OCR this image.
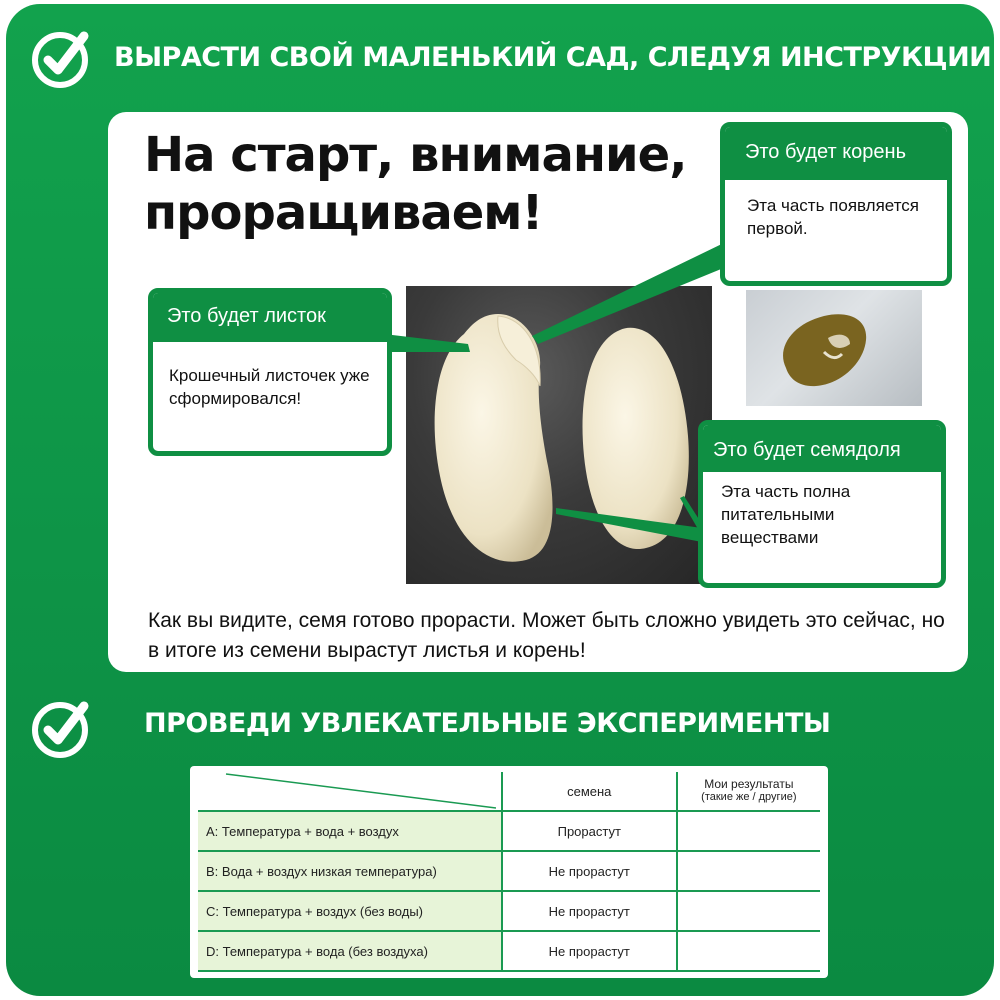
ВЫРАСТИ СВОЙ МАЛЕНЬКИЙ САД, СЛЕДУЯ ИНСТРУКЦИИ
На старт, внимание,
проращиваем!
Это будет корень
Эта часть появляется первой.
Это будет листок
Крошечный листочек уже сформировался!
Это будет семядоля
Эта часть полна питательными веществами
Как вы видите, семя готово прорасти. Может быть сложно увидеть это сейчас, но в итоге из семени вырастут листья и корень!
ПРОВЕДИ УВЛЕКАТЕЛЬНЫЕ ЭКСПЕРИМЕНТЫ
	семена	Мои результаты
(такие же / другие)

A: Температура + вода + воздух	Прорастут	
B: Вода + воздух низкая температура)	Не прорастут	
C: Температура + воздух (без воды)	Не прорастут	
D: Температура + вода (без воздуха)	Не прорастут	
